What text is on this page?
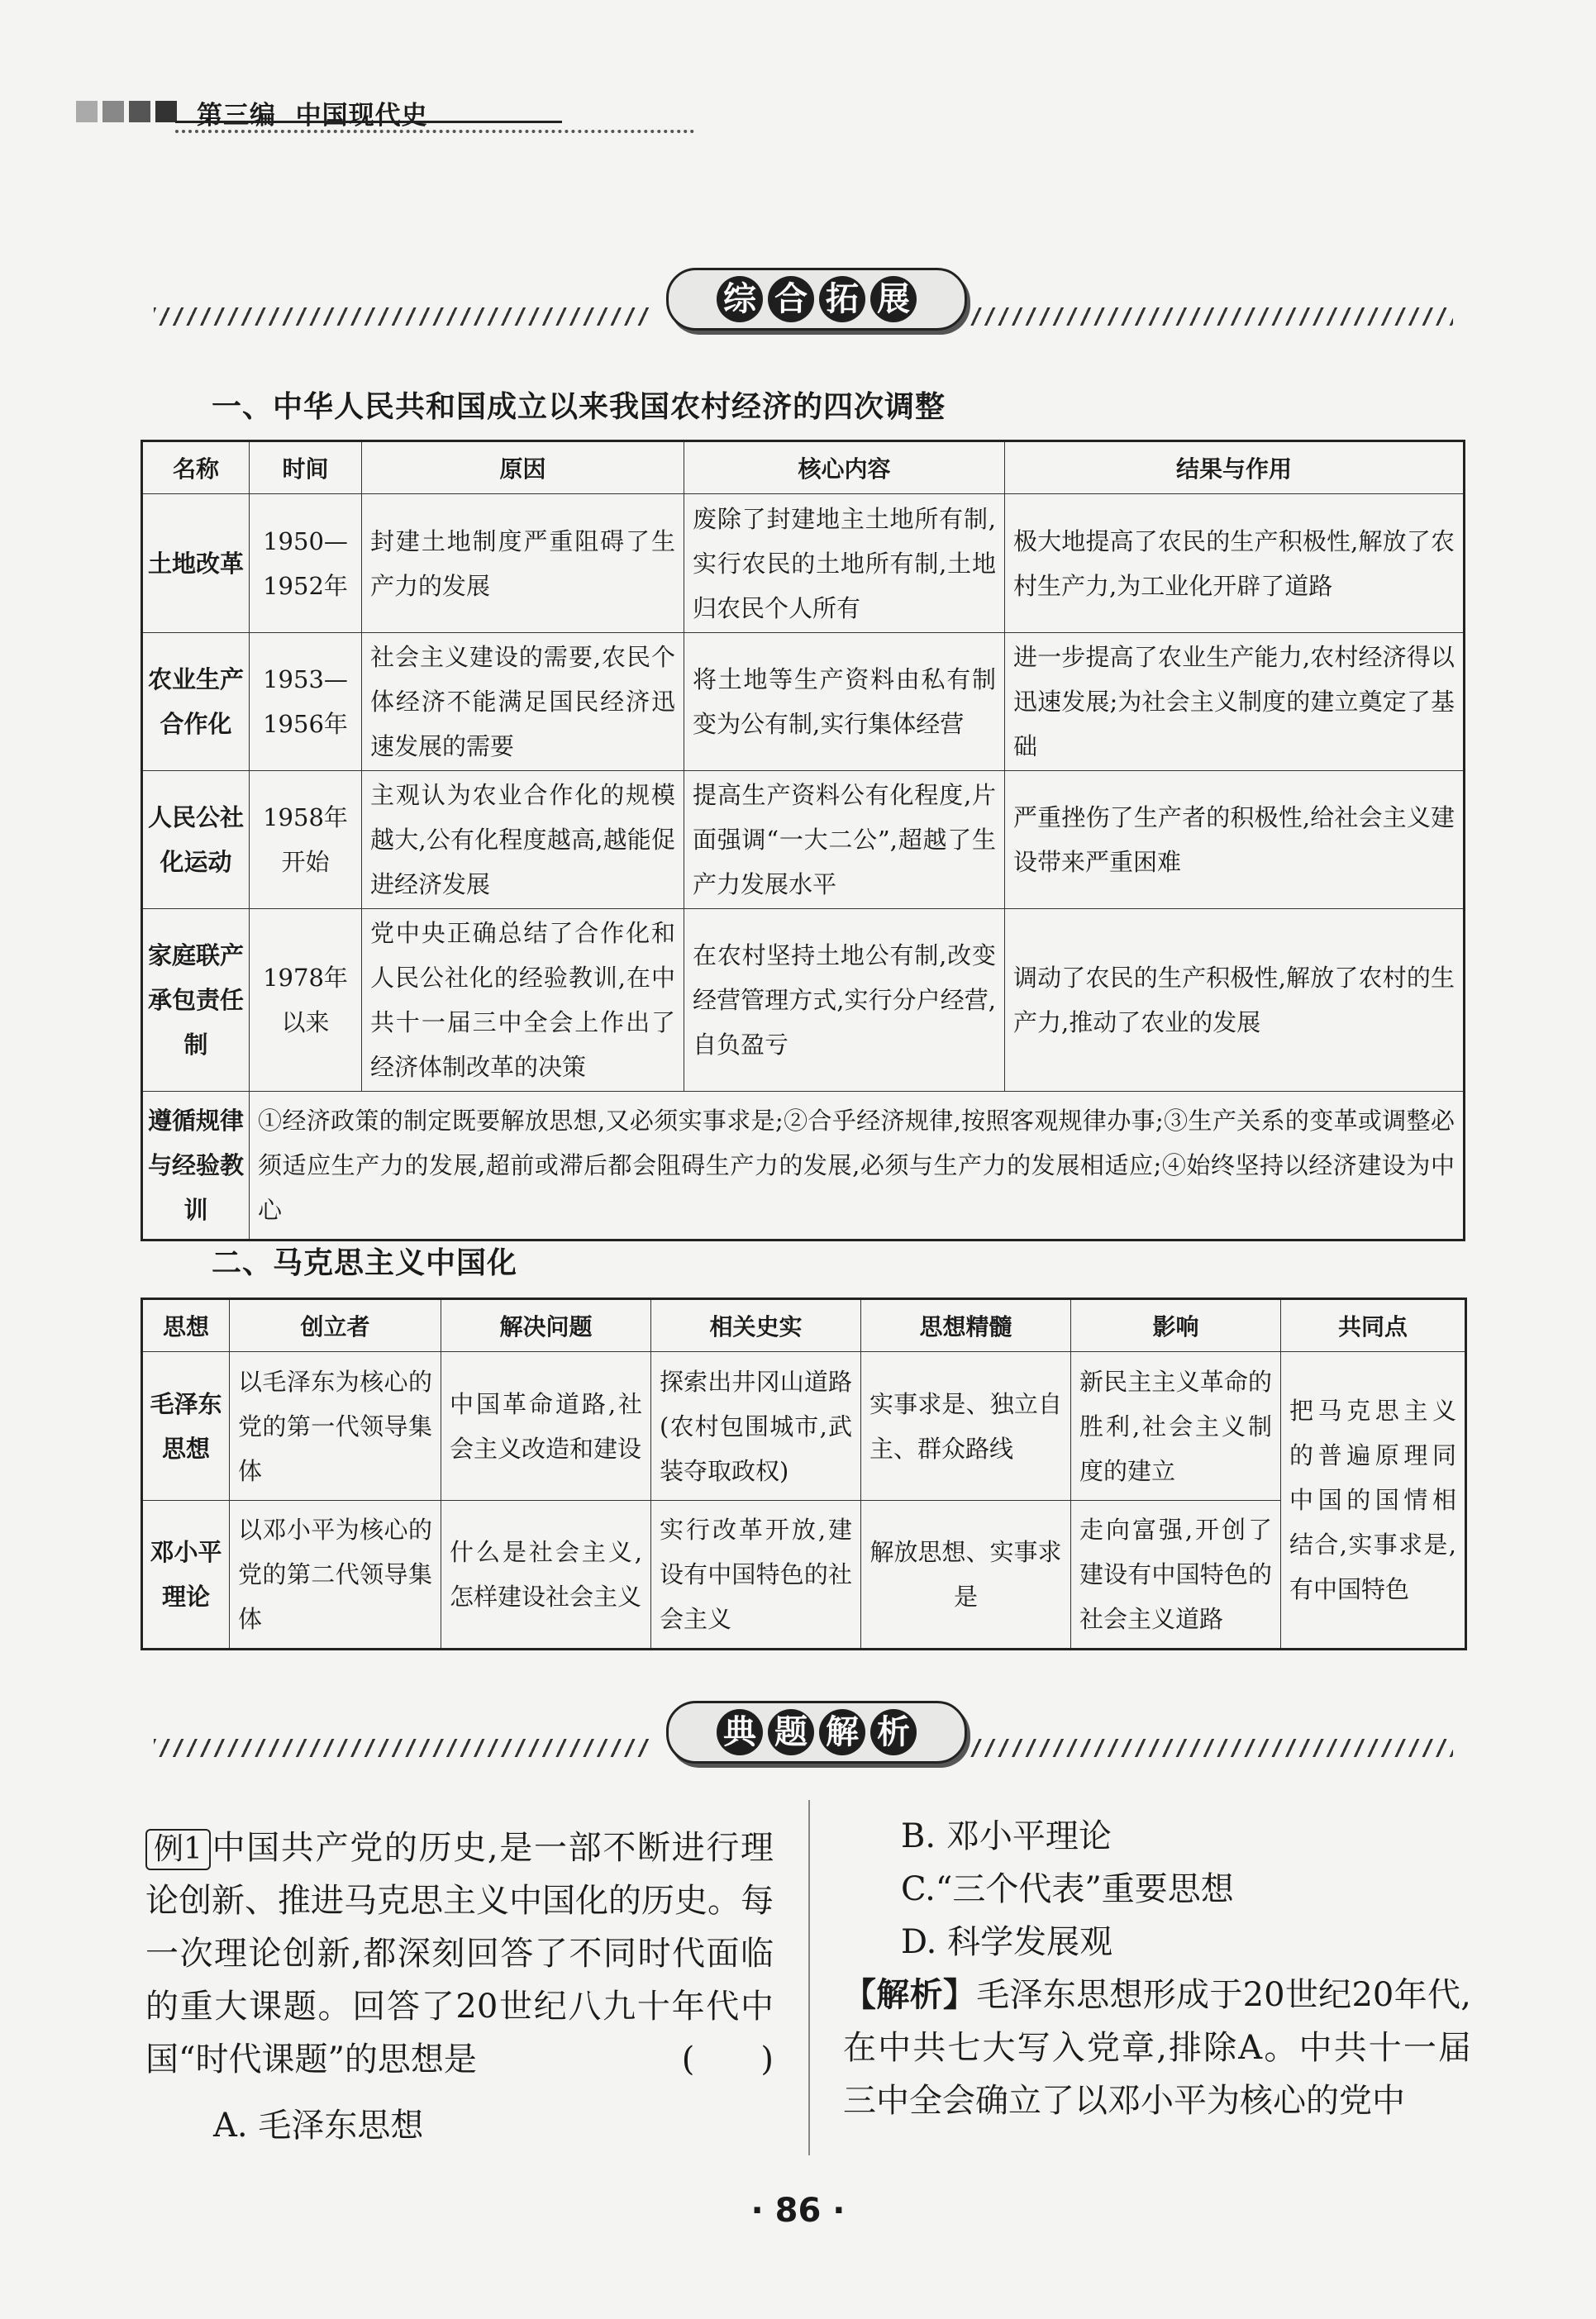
第三编  中国现代史
综 合 拓 展
一、中华人民共和国成立以来我国农村经济的四次调整
名称	时间	原因	核心内容	结果与作用
土地改革	1950—1952年	封建土地制度严重阻碍了生产力的发展	废除了封建地主土地所有制,实行农民的土地所有制,土地归农民个人所有	极大地提高了农民的生产积极性,解放了农村生产力,为工业化开辟了道路
农业生产合作化	1953—1956年	社会主义建设的需要,农民个体经济不能满足国民经济迅速发展的需要	将土地等生产资料由私有制变为公有制,实行集体经营	进一步提高了农业生产能力,农村经济得以迅速发展;为社会主义制度的建立奠定了基础
人民公社化运动	1958年开始	主观认为农业合作化的规模越大,公有化程度越高,越能促进经济发展	提高生产资料公有化程度,片面强调“一大二公”,超越了生产力发展水平	严重挫伤了生产者的积极性,给社会主义建设带来严重困难
家庭联产承包责任制	1978年以来	党中央正确总结了合作化和人民公社化的经验教训,在中共十一届三中全会上作出了经济体制改革的决策	在农村坚持土地公有制,改变经营管理方式,实行分户经营,自负盈亏	调动了农民的生产积极性,解放了农村的生产力,推动了农业的发展
遵循规律与经验教训	①经济政策的制定既要解放思想,又必须实事求是;②合乎经济规律,按照客观规律办事;③生产关系的变革或调整必须适应生产力的发展,超前或滞后都会阻碍生产力的发展,必须与生产力的发展相适应;④始终坚持以经济建设为中心			
二、马克思主义中国化
思想	创立者	解决问题	相关史实	思想精髓	影响	共同点
毛泽东思想	以毛泽东为核心的党的第一代领导集体	中国革命道路,社会主义改造和建设	探索出井冈山道路(农村包围城市,武装夺取政权)	实事求是、独立自主、群众路线	新民主主义革命的胜利,社会主义制度的建立	把马克思主义的普遍原理同中国的国情相结合,实事求是,有中国特色
邓小平理论	以邓小平为核心的党的第二代领导集体	什么是社会主义,怎样建设社会主义	实行改革开放,建设有中国特色的社会主义	解放思想、实事求是	走向富强,开创了建设有中国特色的社会主义道路	
典 题 解 析
例1 中国共产党的历史,是一部不断进行理论创新、推进马克思主义中国化的历史。每一次理论创新,都深刻回答了不同时代面临的重大课题。回答了20世纪八九十年代中国“时代课题”的思想是	(　　)
A. 毛泽东思想
B. 邓小平理论
C.“三个代表”重要思想
D. 科学发展观
【解析】毛泽东思想形成于20世纪20年代,在中共七大写入党章,排除A。中共十一届三中全会确立了以邓小平为核心的党中
· 86 ·
